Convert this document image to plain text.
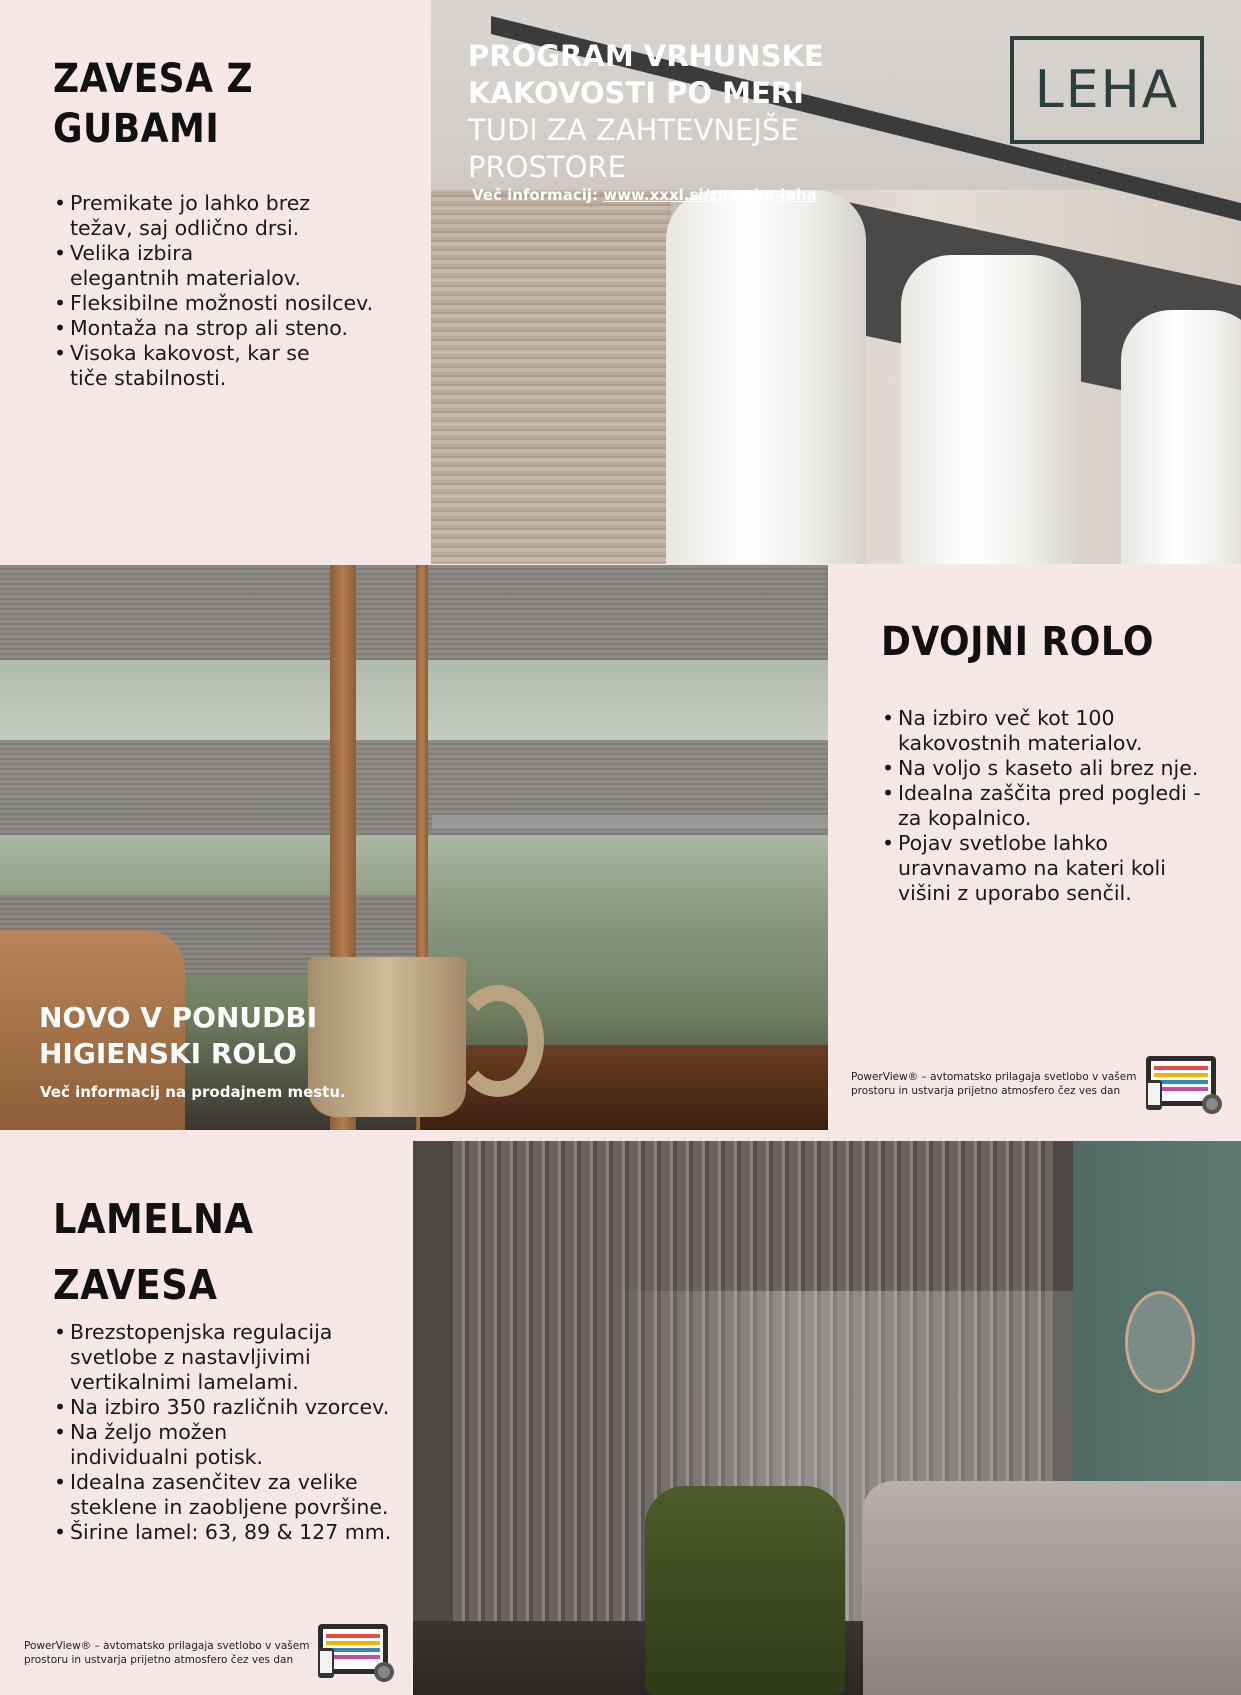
ZAVESA Z
GUBAMI
• Premikate jo lahko brez
težav, saj odlično drsi.
• Velika izbira
elegantnih materialov.
• Fleksibilne možnosti nosilcev.
• Montaža na strop ali steno.
• Visoka kakovost, kar se
tiče stabilnosti.
PROGRAM VRHUNSKE
KAKOVOSTI PO MERI
TUDI ZA ZAHTEVNEJŠE
PROSTORE
Več informacij: www.xxxl.si/znamka-leha
LEHA
NOVO V PONUDBI
HIGIENSKI ROLO
Več informacij na prodajnem mestu.
DVOJNI ROLO
• Na izbiro več kot 100
kakovostnih materialov.
• Na voljo s kaseto ali brez nje.
• Idealna zaščita pred pogledi -
za kopalnico.
• Pojav svetlobe lahko
uravnavamo na kateri koli
višini z uporabo senčil.
PowerView® – avtomatsko prilagaja svetlobo v vašem
prostoru in ustvarja prijetno atmosfero čez ves dan
LAMELNA
ZAVESA
• Brezstopenjska regulacija
svetlobe z nastavljivimi
vertikalnimi lamelami.
• Na izbiro 350 različnih vzorcev.
• Na željo možen
individualni potisk.
• Idealna zasenčitev za velike
steklene in zaobljene površine.
• Širine lamel: 63, 89 & 127 mm.
PowerView® – avtomatsko prilagaja svetlobo v vašem
prostoru in ustvarja prijetno atmosfero čez ves dan
